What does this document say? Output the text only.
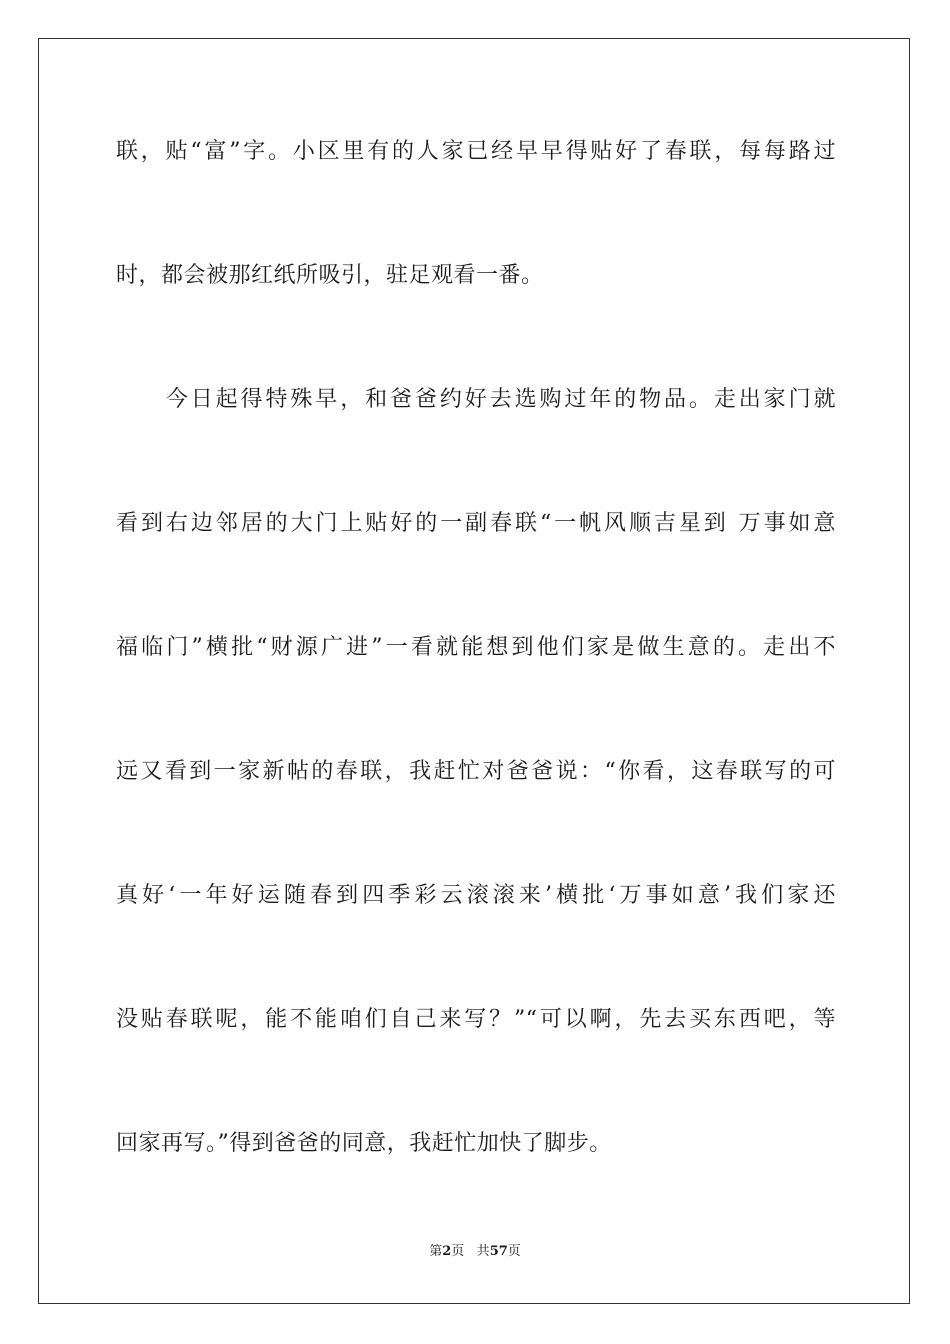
联，贴“富”字。小区里有的人家已经早早得贴好了春联，每每路过
时，都会被那红纸所吸引，驻足观看一番。
　　今日起得特殊早，和爸爸约好去选购过年的物品。走出家门就
看到右边邻居的大门上贴好的一副春联“一帆风顺吉星到 万事如意
福临门”横批“财源广进”一看就能想到他们家是做生意的。走出不
远又看到一家新帖的春联，我赶忙对爸爸说：“你看，这春联写的可
真好‘一年好运随春到四季彩云滚滚来’横批‘万事如意’我们家还
没贴春联呢，能不能咱们自己来写？”“可以啊，先去买东西吧，等
回家再写。”得到爸爸的同意，我赶忙加快了脚步。
第2页 共57页
